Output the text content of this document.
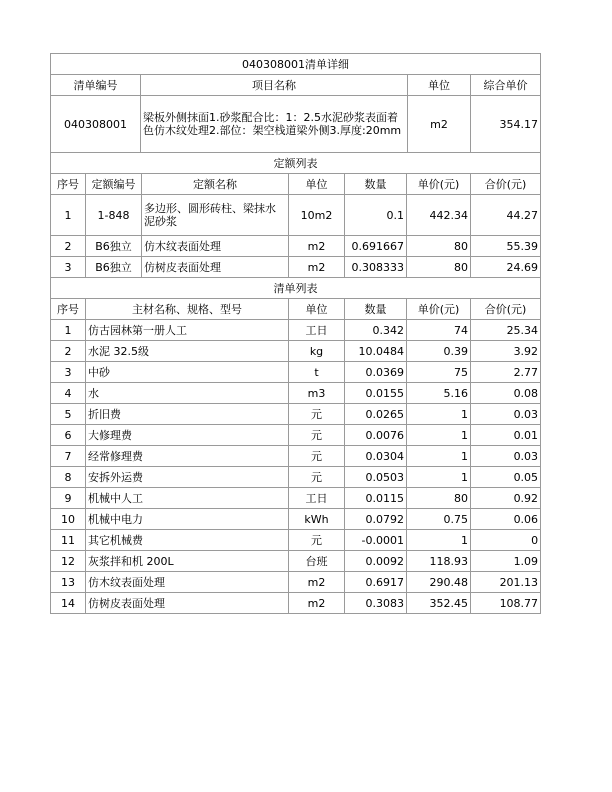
040308001清单详细			
清单编号	项目名称	单位	综合单价
040308001	梁板外侧抹面1.砂浆配合比：1：2.5水泥砂浆表面着色仿木纹处理2.部位：架空栈道梁外侧3.厚度:20mm	m2	354.17
定额列表						
序号	定额编号	定额名称	单位	数量	单价(元)	合价(元)
1	1-848	多边形、圆形砖柱、梁抹水泥砂浆	10m2	0.1	442.34	44.27
2	B6独立	仿木纹表面处理	m2	0.691667	80	55.39
3	B6独立	仿树皮表面处理	m2	0.308333	80	24.69
清单列表					
序号	主材名称、规格、型号	单位	数量	单价(元)	合价(元)
1	仿古园林第一册人工	工日	0.342	74	25.34
2	水泥 32.5级	kg	10.0484	0.39	3.92
3	中砂	t	0.0369	75	2.77
4	水	m3	0.0155	5.16	0.08
5	折旧费	元	0.0265	1	0.03
6	大修理费	元	0.0076	1	0.01
7	经常修理费	元	0.0304	1	0.03
8	安拆外运费	元	0.0503	1	0.05
9	机械中人工	工日	0.0115	80	0.92
10	机械中电力	kWh	0.0792	0.75	0.06
11	其它机械费	元	-0.0001	1	0
12	灰浆拌和机 200L	台班	0.0092	118.93	1.09
13	仿木纹表面处理	m2	0.6917	290.48	201.13
14	仿树皮表面处理	m2	0.3083	352.45	108.77
